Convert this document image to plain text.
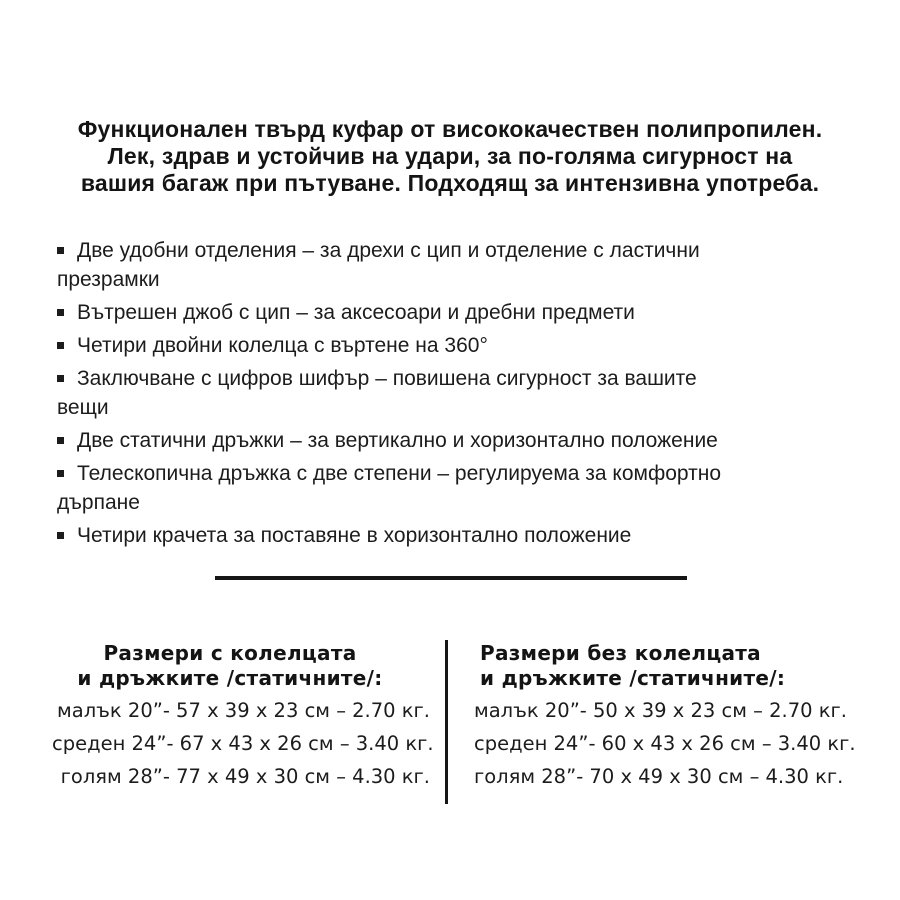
Функционален твърд куфар от висококачествен полипропилен.
Лек, здрав и устойчив на удари, за по-голяма сигурност на
вашия багаж при пътуване. Подходящ за интензивна употреба.
Две удобни отделения – за дрехи с цип и отделение с ластични презрамки
Вътрешен джоб с цип – за аксесоари и дребни предмети
Четири двойни колелца с въртене на 360°
Заключване с цифров шифър – повишена сигурност за вашите вещи
Две статични дръжки – за вертикално и хоризонтално положение
Телескопична дръжка с две степени – регулируема за комфортно дърпане
Четири крачета за поставяне в хоризонтално положение
Размери с колелцата
и дръжките /статичните/:
малък 20”- 57 х 39 х 23 см – 2.70 кг.
среден 24”- 67 х 43 х 26 см – 3.40 кг.
голям 28”- 77 х 49 х 30 см – 4.30 кг.
Размери без колелцата
и дръжките /статичните/:
малък 20”- 50 х 39 х 23 см – 2.70 кг.
среден 24”- 60 х 43 х 26 см – 3.40 кг.
голям 28”- 70 х 49 х 30 см – 4.30 кг.
